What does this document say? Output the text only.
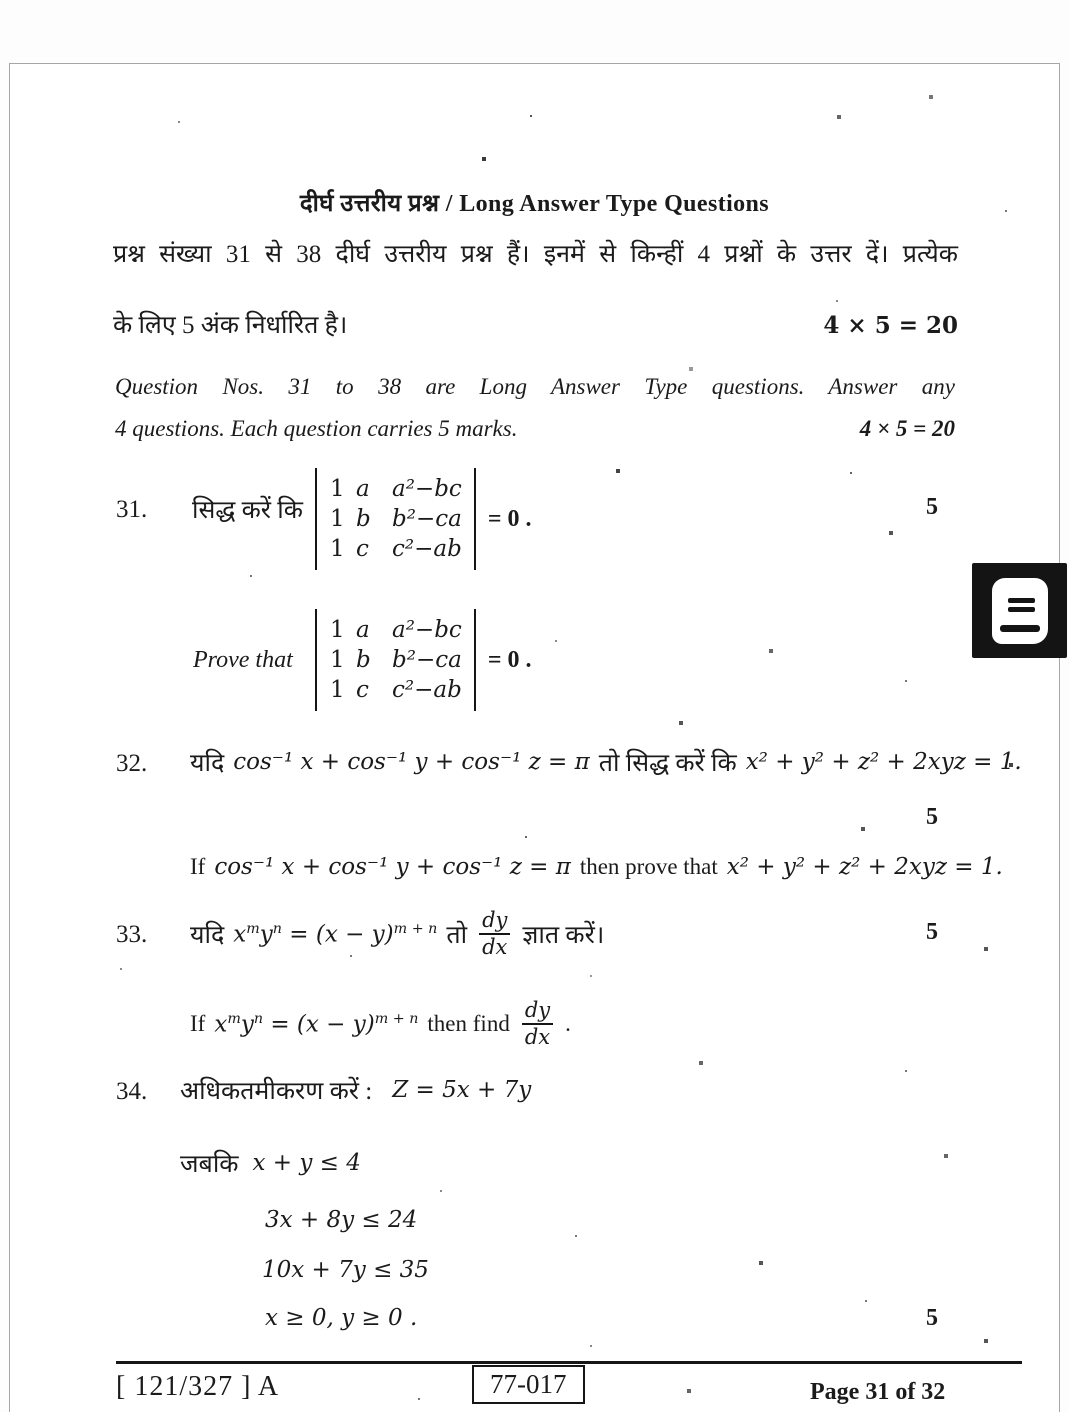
दीर्घ उत्तरीय प्रश्न / Long Answer Type Questions
प्रश्न संख्या 31 से 38 दीर्घ उत्तरीय प्रश्न हैं। इनमें से किन्हीं 4 प्रश्नों के उत्तर दें। प्रत्येक
के लिए 5 अंक निर्धारित है।	4 × 5 = 20
Question Nos. 31 to 38 are Long Answer Type questions. Answer any
4 questions. Each question carries 5 marks.	4 × 5 = 20
31. सिद्ध करें कि
1 a a²−bc
1 b b²−ca
1 c	c²−ab
= 0 .	5
Prove that
1 a a²−bc
1 b b²−ca
1 c	c²−ab
= 0 .
32. यदि cos⁻¹ x + cos⁻¹ y + cos⁻¹ z = π तो सिद्ध करें कि x² + y² + z² + 2xyz = 1.
5
If cos⁻¹ x + cos⁻¹ y + cos⁻¹ z = π then prove that x² + y² + z² + 2xyz = 1.
33. यदि $x^my^n = (x - y)^{m + n}$ तो $\frac{dy}{dx}$ ज्ञात करें।	5
If $x^my^n = (x - y)^{m + n}$ then find $\frac{dy}{dx}$ .
34. अधिकतमीकरण करें : Z = 5x + 7y
जबकि x + y ≤ 4
3x + 8y ≤ 24
10x + 7y ≤ 35
x ≥ 0, y ≥ 0 .	5
[ 121/327 ] A	77-017	Page 31 of 32
